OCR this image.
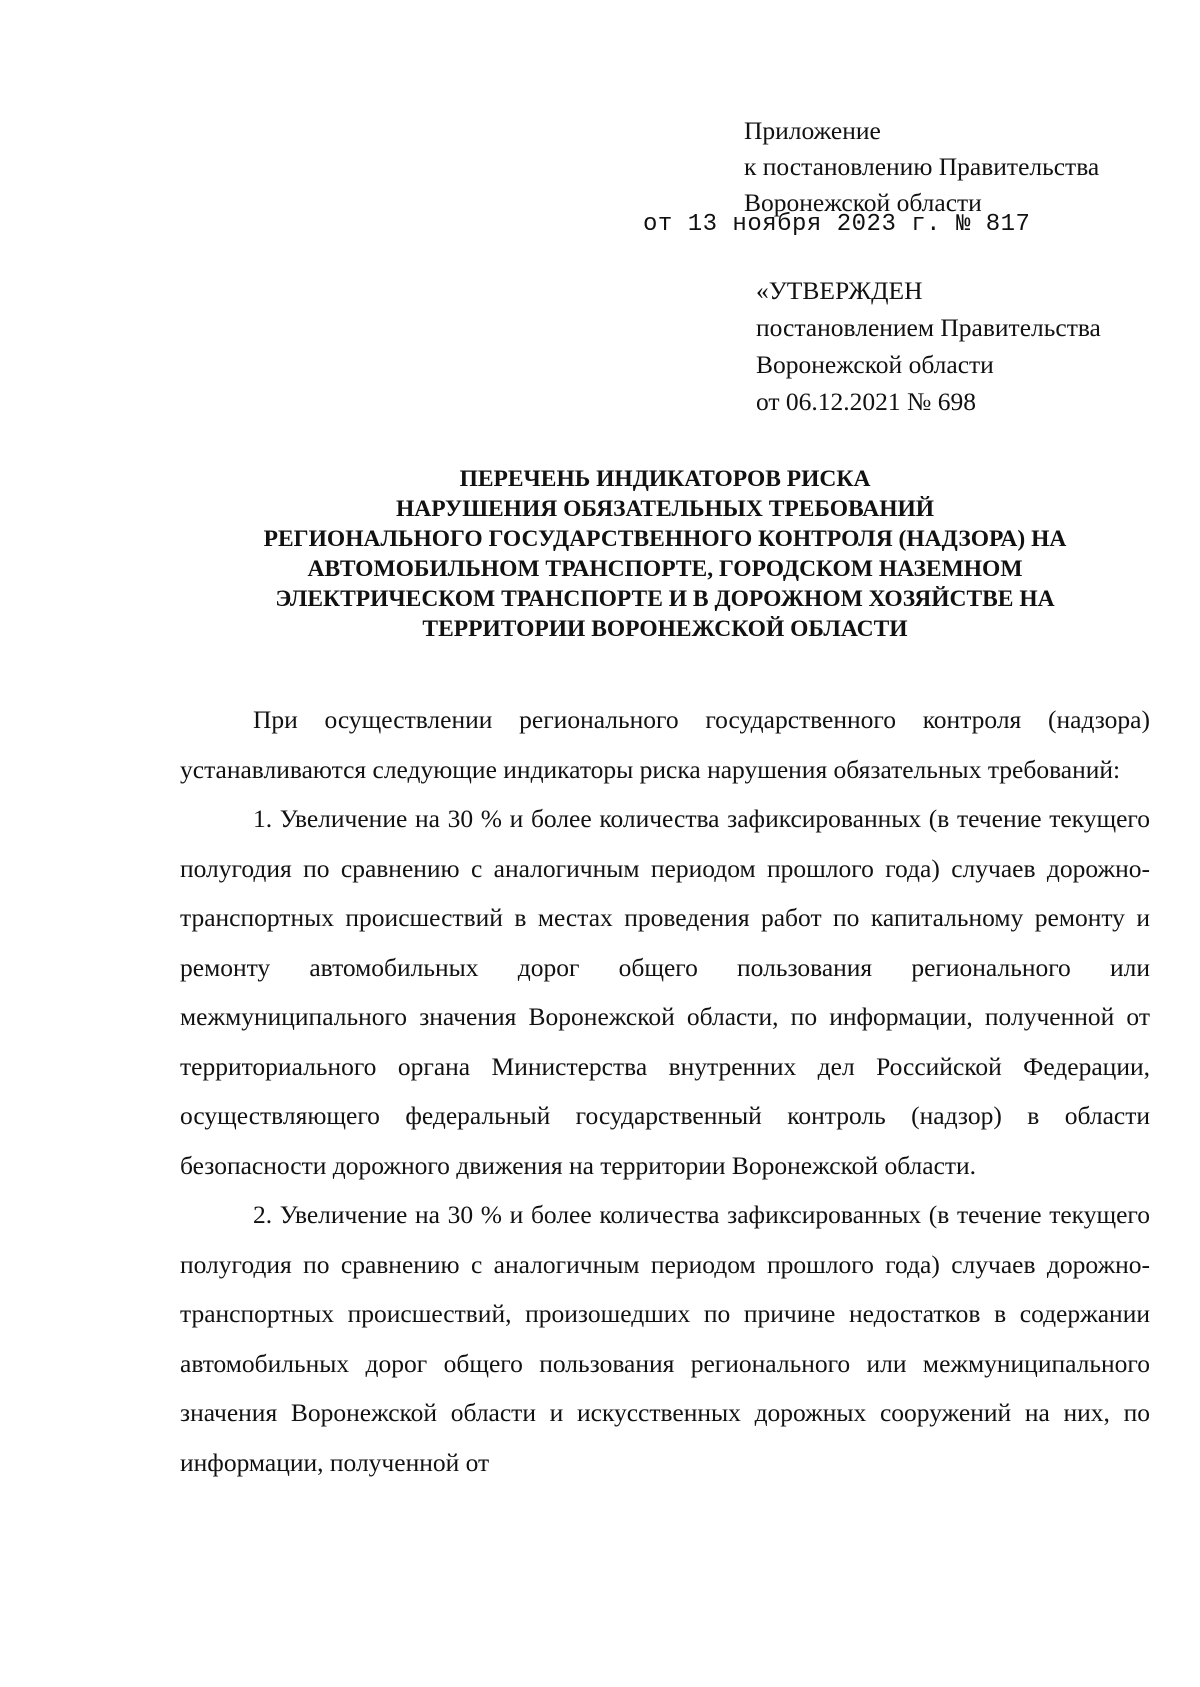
Приложение
к постановлению Правительства
Воронежской области
от 13 ноября 2023 г. № 817
«УТВЕРЖДЕН
постановлением Правительства
Воронежской области
от 06.12.2021 № 698
ПЕРЕЧЕНЬ ИНДИКАТОРОВ РИСКА
НАРУШЕНИЯ ОБЯЗАТЕЛЬНЫХ ТРЕБОВАНИЙ
РЕГИОНАЛЬНОГО ГОСУДАРСТВЕННОГО КОНТРОЛЯ (НАДЗОРА) НА
АВТОМОБИЛЬНОМ ТРАНСПОРТЕ, ГОРОДСКОМ НАЗЕМНОМ
ЭЛЕКТРИЧЕСКОМ ТРАНСПОРТЕ И В ДОРОЖНОМ ХОЗЯЙСТВЕ НА
ТЕРРИТОРИИ ВОРОНЕЖСКОЙ ОБЛАСТИ

При осуществлении регионального государственного контроля (надзора) устанавливаются следующие индикаторы риска нарушения обязательных требований:

1. Увеличение на 30 % и более количества зафиксированных (в течение текущего полугодия по сравнению с аналогичным периодом прошлого года) случаев дорожно-транспортных происшествий в местах проведения работ по капитальному ремонту и ремонту автомобильных дорог общего пользования регионального или межмуниципального значения Воронежской области, по информации, полученной от территориального органа Министерства внутренних дел Российской Федерации, осуществляющего федеральный государственный контроль (надзор) в области безопасности дорожного движения на территории Воронежской области.

2. Увеличение на 30 % и более количества зафиксированных (в течение текущего полугодия по сравнению с аналогичным периодом прошлого года) случаев дорожно-транспортных происшествий, произошедших по причине недостатков в содержании автомобильных дорог общего пользования регионального или межмуниципального значения Воронежской области и искусственных дорожных сооружений на них, по информации, полученной от
